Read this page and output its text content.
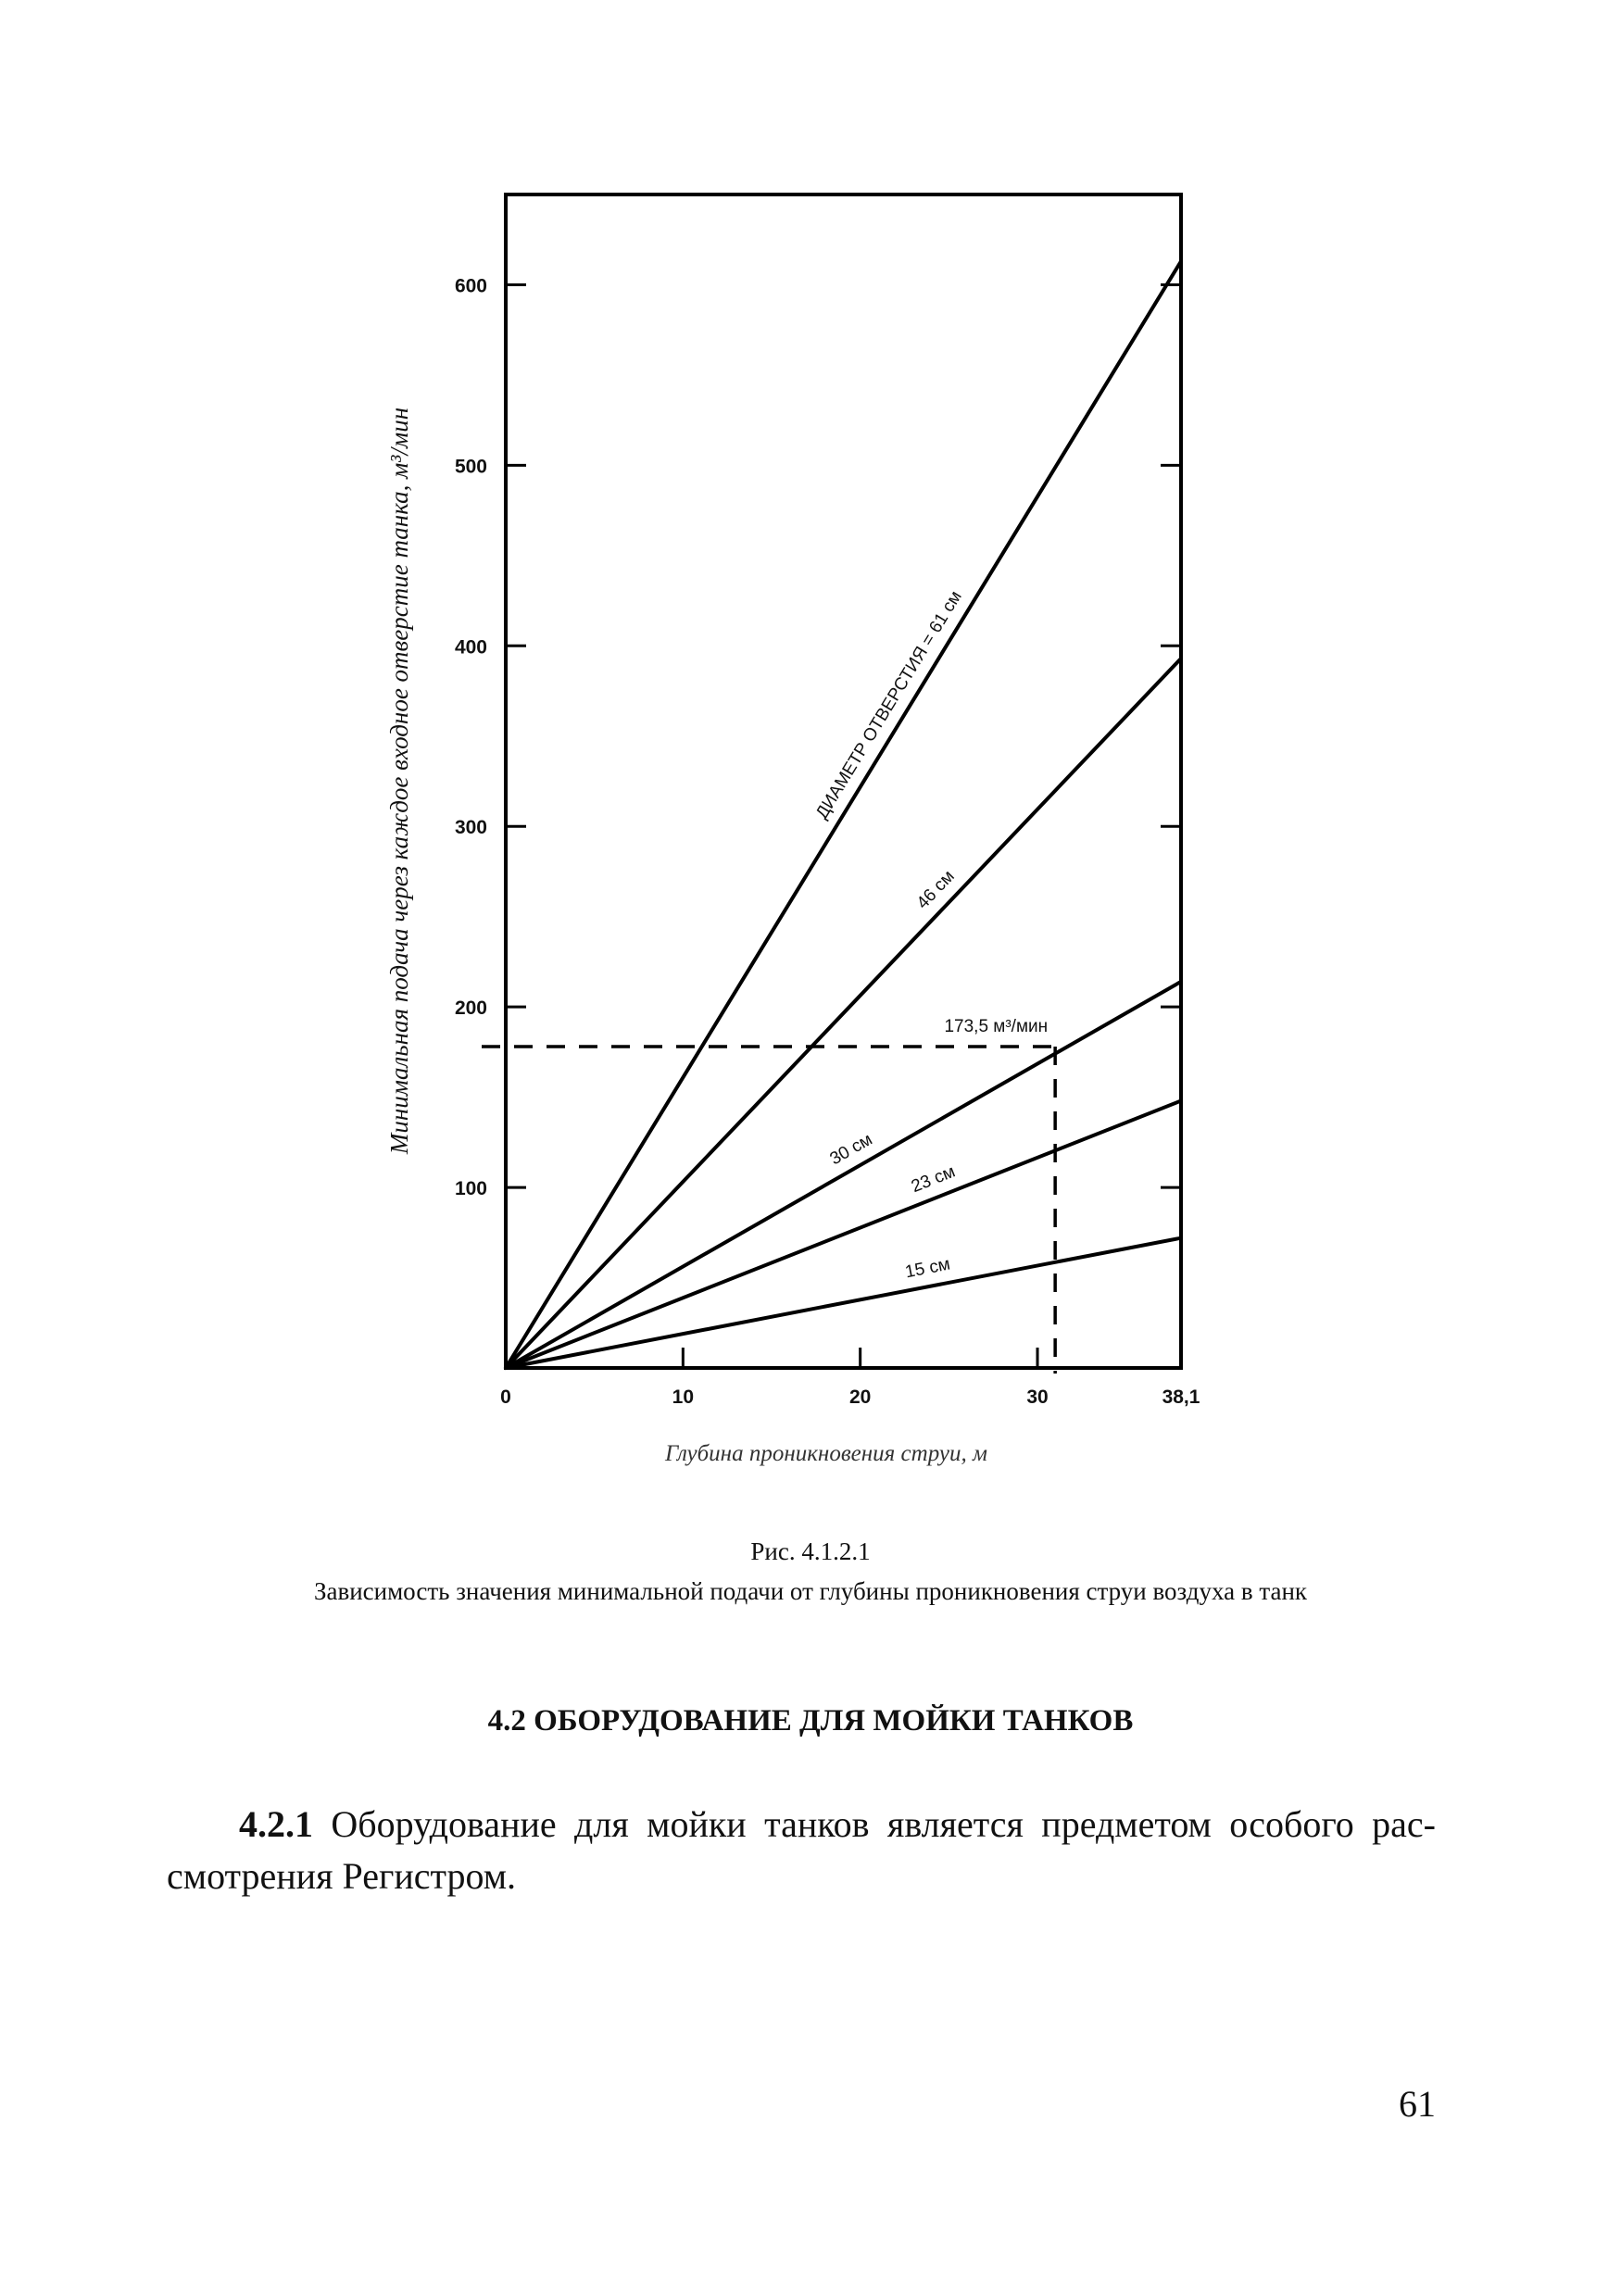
0	10	20	30	38,1
100
200
300
400
500
600
ДИАМЕТР ОТВЕРСТИЯ = 61 см
46 см
30 см
23 см
15 см
173,5 м³/мин
Минимальная подача через каждое входное отверстие танка, м³/мин
Глубина проникновения струи, м
Рис. 4.1.2.1
Зависимость значения минимальной подачи от глубины проникновения струи воздуха в танк
4.2 ОБОРУДОВАНИЕ ДЛЯ МОЙКИ ТАНКОВ
4.2.1 Оборудование для мойки танков является предметом особого рас-
смотрения Регистром.
61
